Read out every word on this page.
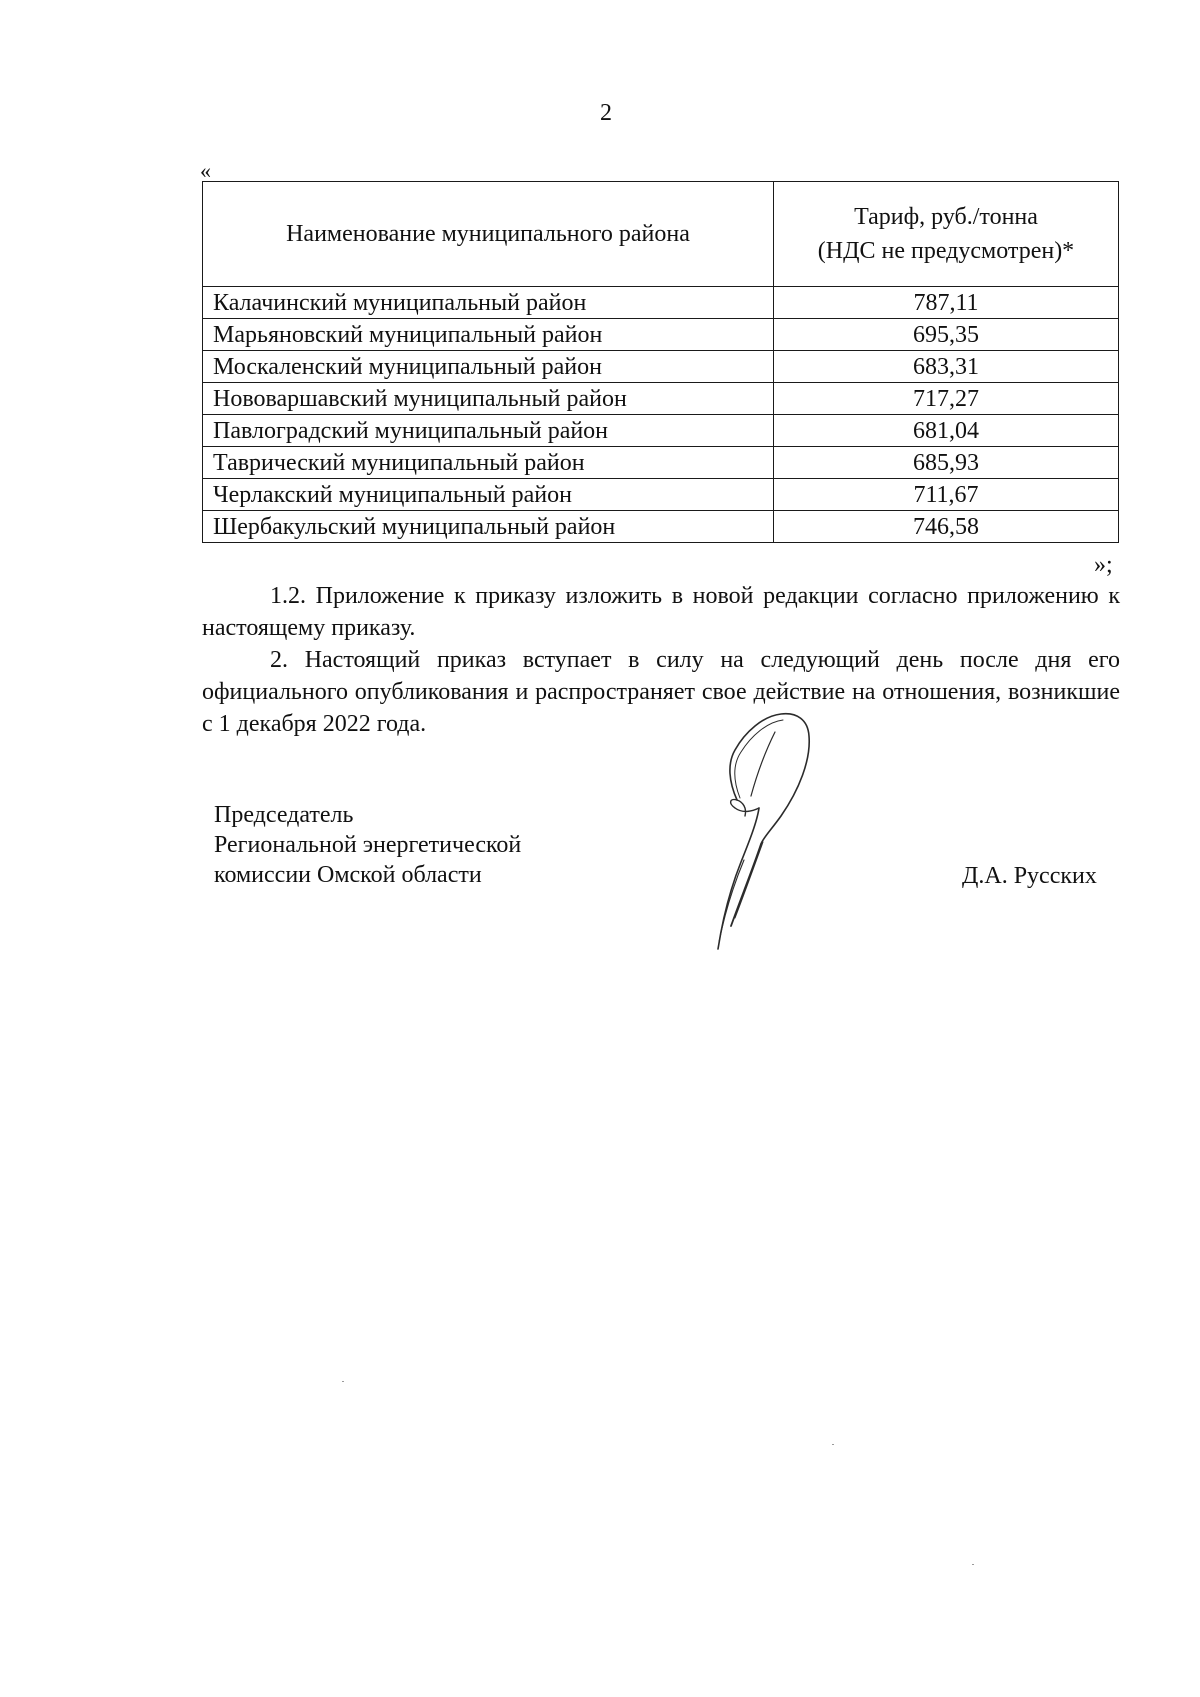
2
«
Наименование муниципального района	Тариф, руб./тонна
(НДС не предусмотрен)*
Калачинский муниципальный район	787,11
Марьяновский муниципальный район	695,35
Москаленский муниципальный район	683,31
Нововаршавский муниципальный район	717,27
Павлоградский муниципальный район	681,04
Таврический муниципальный район	685,93
Черлакский муниципальный район	711,67
Шербакульский муниципальный район	746,58
»;

1.2. Приложение к приказу изложить в новой редакции согласно приложению к настоящему приказу.

2. Настоящий приказ вступает в силу на следующий день после дня его официального опубликования и распространяет свое действие на отношения, возникшие с 1 декабря 2022 года.

Председатель
Региональной энергетической
комиссии Омской области	Д.А. Русских
